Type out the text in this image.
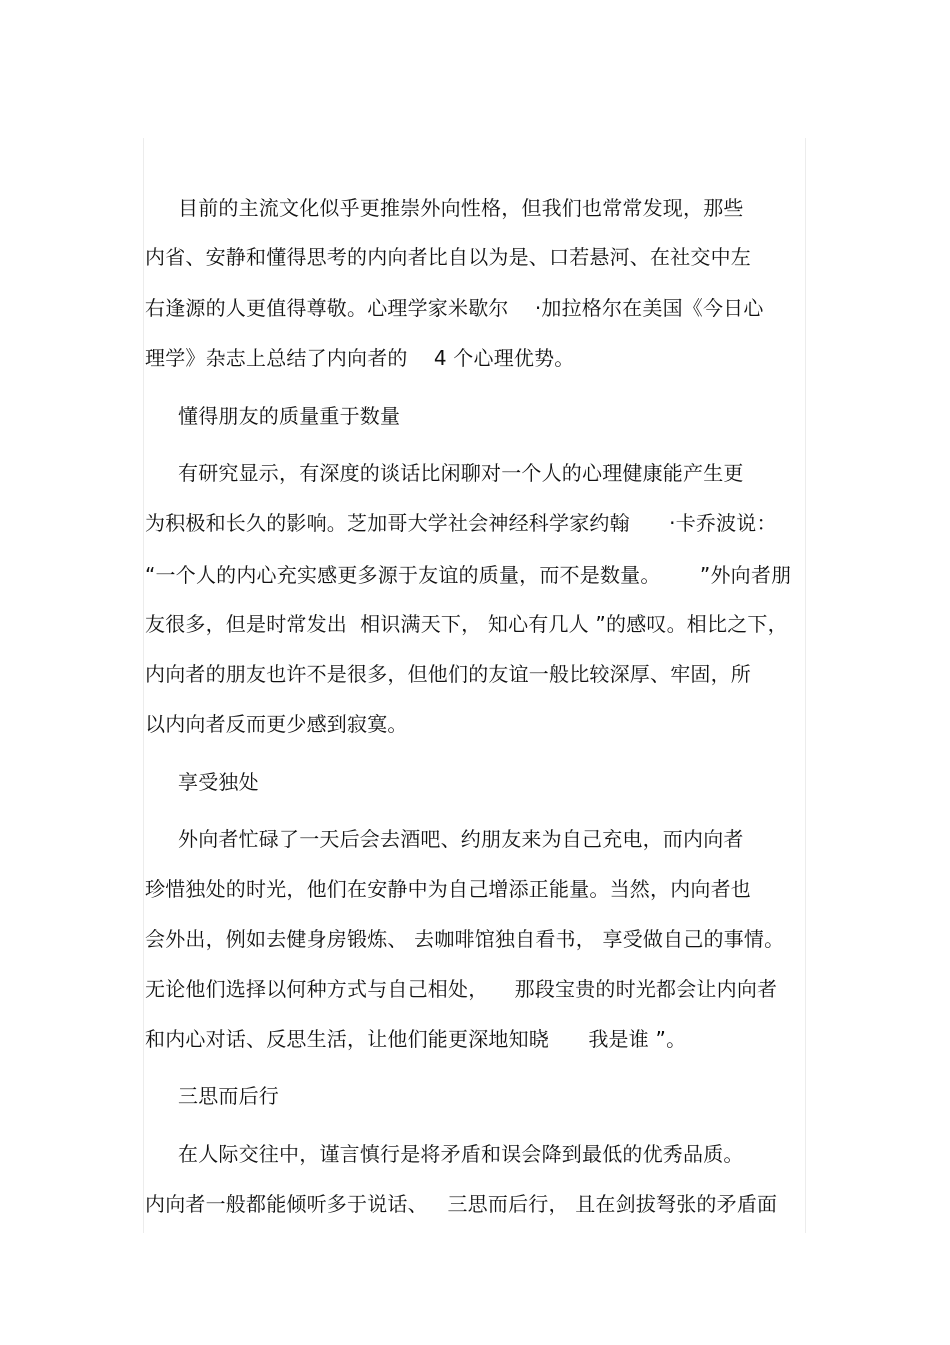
目前的主流文化似乎更推崇外向性格，但我们也常常发现，那些
内省、安静和懂得思考的内向者比自以为是、口若悬河、在社交中左
右逢源的人更值得尊敬。心理学家米歇尔    ·加拉格尔在美国《今日心
理学》杂志上总结了内向者的    4 个心理优势。
懂得朋友的质量重于数量
有研究显示，有深度的谈话比闲聊对一个人的心理健康能产生更
为积极和长久的影响。芝加哥大学社会神经科学家约翰      ·卡乔波说：
“一个人的内心充实感更多源于友谊的质量，而不是数量。      ”外向者朋
友很多，但是时常发出  相识满天下， 知心有几人 ”的感叹。相比之下，
内向者的朋友也许不是很多，但他们的友谊一般比较深厚、牢固，所
以内向者反而更少感到寂寞。
享受独处
外向者忙碌了一天后会去酒吧、约朋友来为自己充电，而内向者
珍惜独处的时光，他们在安静中为自己增添正能量。当然，内向者也
会外出，例如去健身房锻炼、 去咖啡馆独自看书， 享受做自己的事情。
无论他们选择以何种方式与自己相处，    那段宝贵的时光都会让内向者
和内心对话、反思生活，让他们能更深地知晓      我是谁 ”。
三思而后行
在人际交往中，谨言慎行是将矛盾和误会降到最低的优秀品质。
内向者一般都能倾听多于说话、   三思而后行， 且在剑拔弩张的矛盾面
